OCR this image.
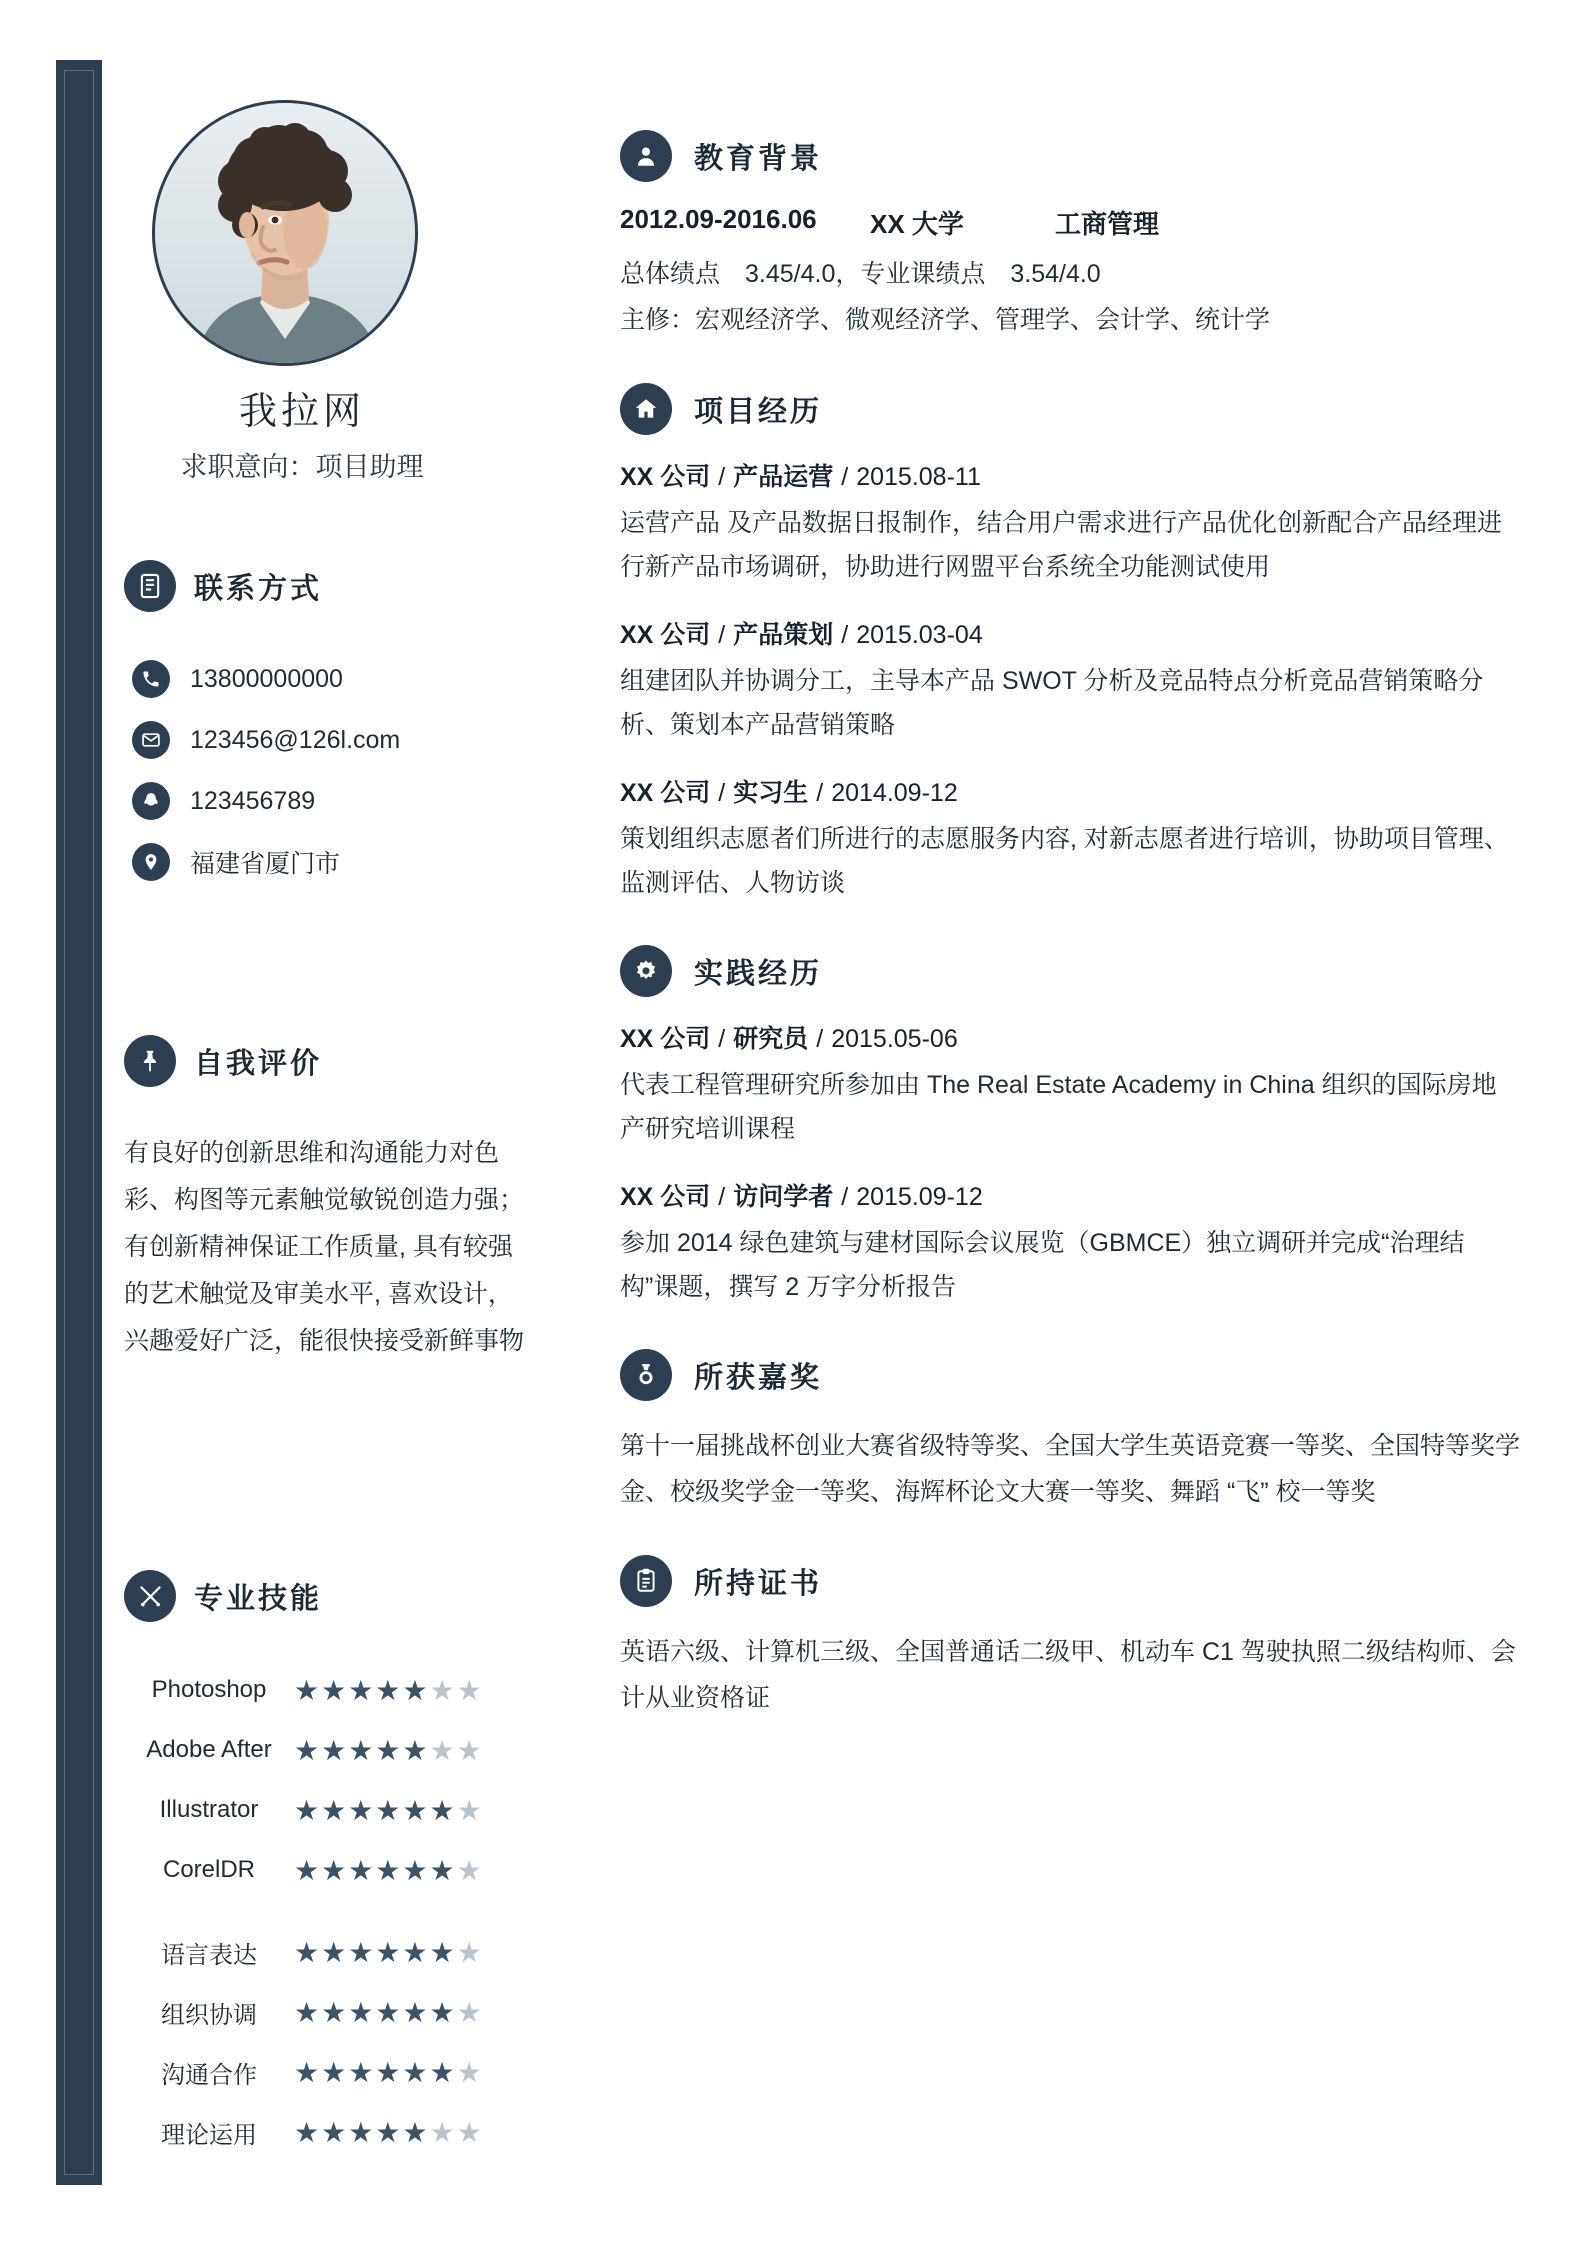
我拉网
求职意向：项目助理
联系方式
13800000000
123456@126l.com
123456789
福建省厦门市
自我评价
有良好的创新思维和沟通能力对色彩、构图等元素触觉敏锐创造力强；有创新精神保证工作质量, 具有较强的艺术触觉及审美水平, 喜欢设计，兴趣爱好广泛，能很快接受新鲜事物
专业技能
Photoshop ★★★★★★★
Adobe After ★★★★★★★
Illustrator	★★★★★★★
CorelDR	★★★★★★★
语言表达	★★★★★★★
组织协调	★★★★★★★
沟通合作	★★★★★★★
理论运用	★★★★★★★
教育背景
2012.09-2016.06	XX 大学	工商管理
总体绩点　3.45/4.0，专业课绩点　3.54/4.0
主修：宏观经济学、微观经济学、管理学、会计学、统计学
项目经历
XX 公司 / 产品运营 / 2015.08-11
运营产品 及产品数据日报制作，结合用户需求进行产品优化创新配合产品经理进行新产品市场调研，协助进行网盟平台系统全功能测试使用
XX 公司 / 产品策划 / 2015.03-04
组建团队并协调分工，主导本产品 SWOT 分析及竞品特点分析竞品营销策略分析、策划本产品营销策略
XX 公司 / 实习生 / 2014.09-12
策划组织志愿者们所进行的志愿服务内容, 对新志愿者进行培训，协助项目管理、监测评估、人物访谈
实践经历
XX 公司 / 研究员 / 2015.05-06
代表工程管理研究所参加由 The Real Estate Academy in China 组织的国际房地产研究培训课程
XX 公司 / 访问学者 / 2015.09-12
参加 2014 绿色建筑与建材国际会议展览（GBMCE）独立调研并完成“治理结构”课题，撰写 2 万字分析报告
所获嘉奖
第十一届挑战杯创业大赛省级特等奖、全国大学生英语竞赛一等奖、全国特等奖学金、校级奖学金一等奖、海辉杯论文大赛一等奖、舞蹈 “飞” 校一等奖
所持证书
英语六级、计算机三级、全国普通话二级甲、机动车 C1 驾驶执照二级结构师、会计从业资格证
